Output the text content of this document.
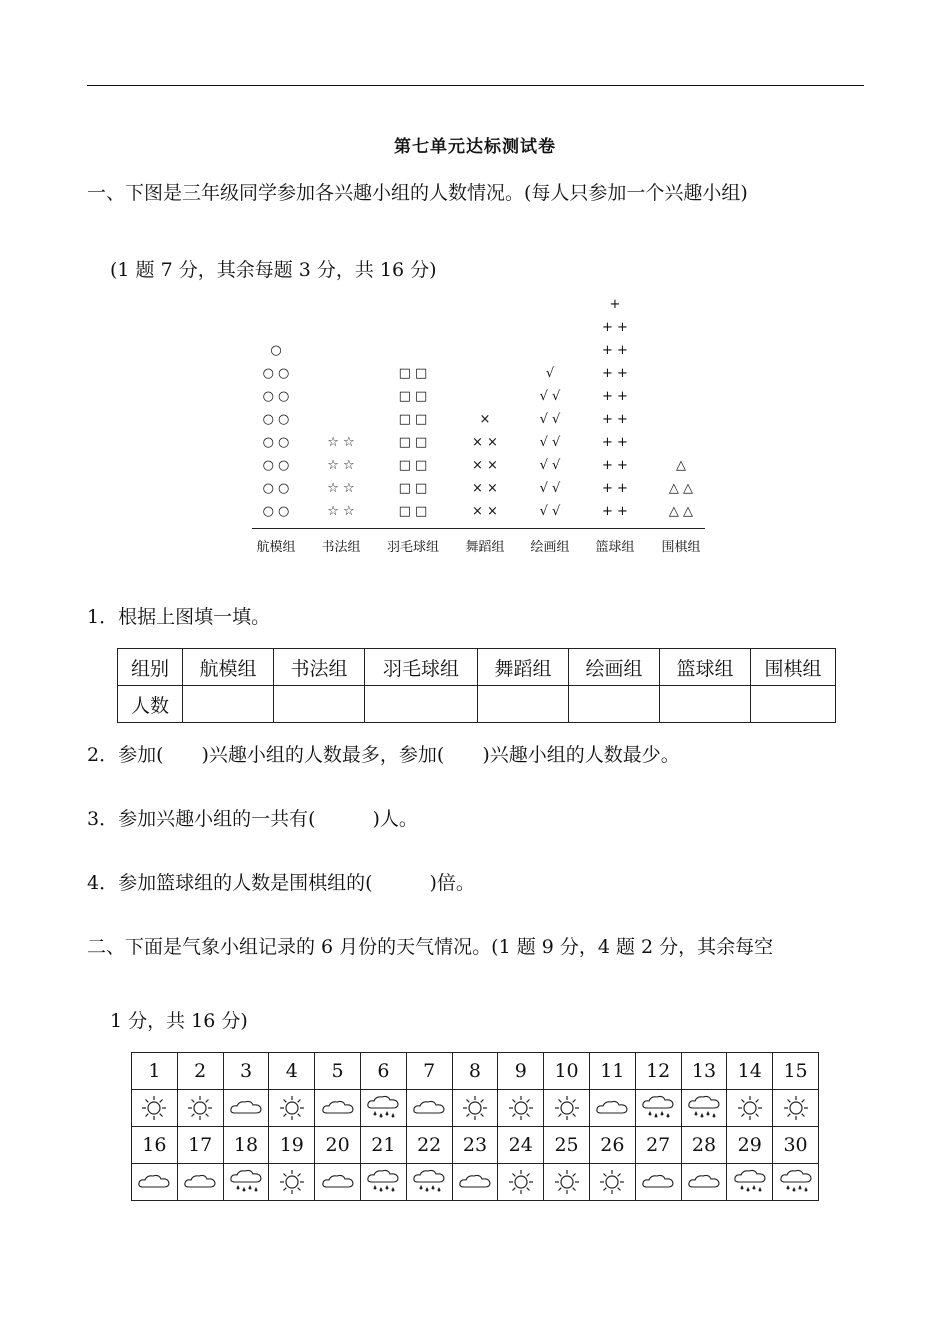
第七单元达标测试卷
一、下图是三年级同学参加各兴趣小组的人数情况。(每人只参加一个兴趣小组)
(1 题 7 分，其余每题 3 分，共 16 分)
○ ○
○ ○
○ ○
○ ○
○ ○
○ ○
○ ○
○
航模组
☆ ☆
☆ ☆
☆ ☆
☆ ☆
书法组
□ □
□ □
□ □
□ □
□ □
□ □
□ □
羽毛球组
× ×
× ×
× ×
× ×
×
舞蹈组
√ √
√ √
√ √
√ √
√ √
√ √
√
绘画组
+ +
+ +
+ +
+ +
+ +
+ +
+ +
+ +
+ +
+
篮球组
△ △
△ △
△
围棋组
1．根据上图填一填。
组别	航模组	书法组	羽毛球组	舞蹈组	绘画组	篮球组	围棋组
人数							
2．参加(　　)兴趣小组的人数最多，参加(　　)兴趣小组的人数最少。
3．参加兴趣小组的一共有(　　　)人。
4．参加篮球组的人数是围棋组的(　　　)倍。
二、下面是气象小组记录的 6 月份的天气情况。(1 题 9 分，4 题 2 分，其余每空
1 分，共 16 分)
1	2	3	4	5	6	7	8	9	10	11	12	13	14	15

16	17	18	19	20	21	22	23	24	25	26	27	28	29	30
